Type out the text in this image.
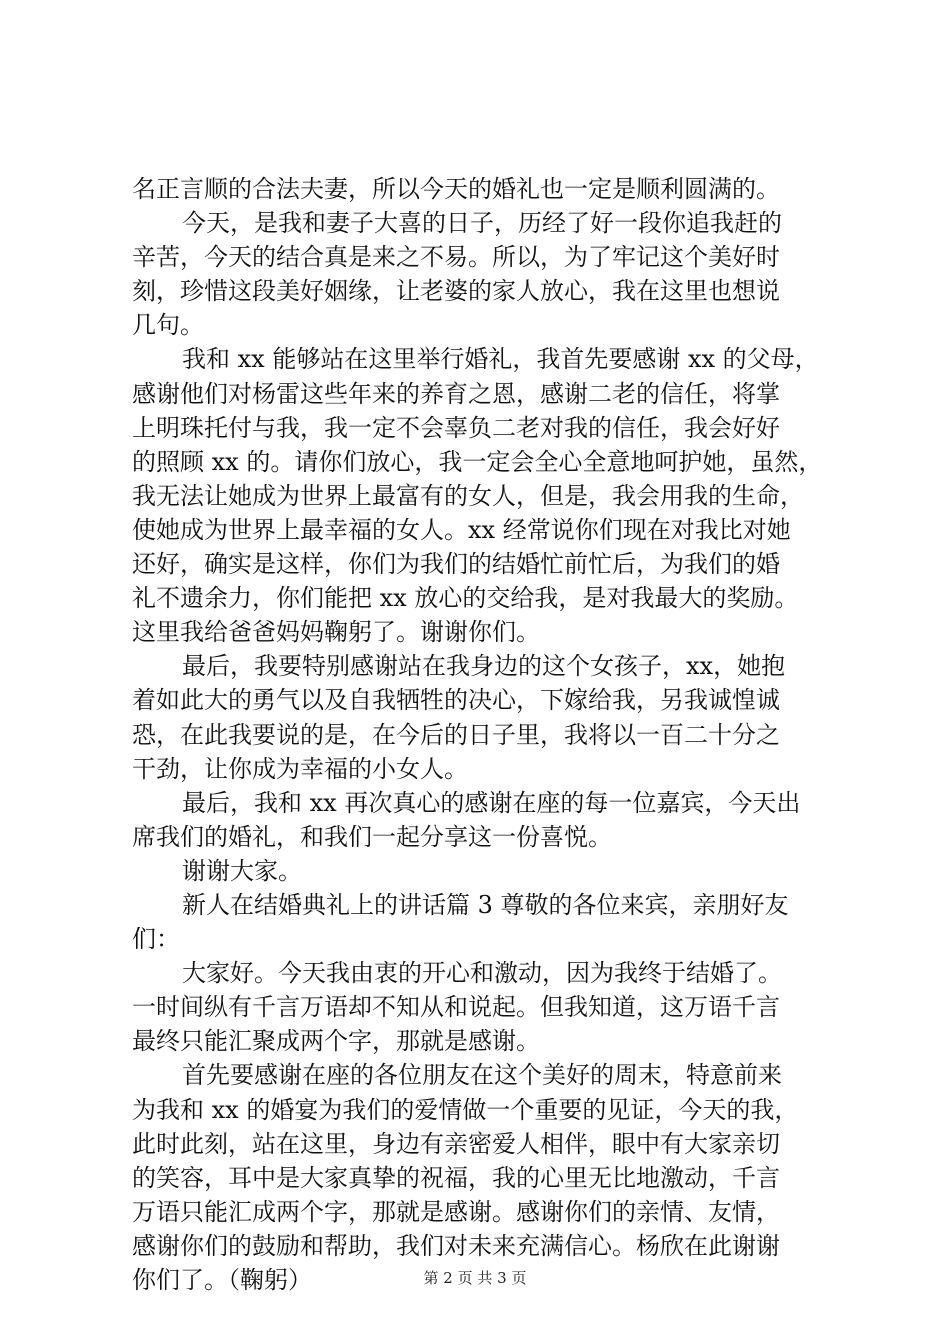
名正言顺的合法夫妻，所以今天的婚礼也一定是顺利圆满的。
今天，是我和妻子大喜的日子，历经了好一段你追我赶的
辛苦，今天的结合真是来之不易。所以，为了牢记这个美好时
刻，珍惜这段美好姻缘，让老婆的家人放心，我在这里也想说
几句。
我和 xx 能够站在这里举行婚礼，我首先要感谢 xx 的父母，
感谢他们对杨雷这些年来的养育之恩，感谢二老的信任，将掌
上明珠托付与我，我一定不会辜负二老对我的信任，我会好好
的照顾 xx 的。请你们放心，我一定会全心全意地呵护她，虽然，
我无法让她成为世界上最富有的女人，但是，我会用我的生命，
使她成为世界上最幸福的女人。xx 经常说你们现在对我比对她
还好，确实是这样，你们为我们的结婚忙前忙后，为我们的婚
礼不遗余力，你们能把 xx 放心的交给我，是对我最大的奖励。
这里我给爸爸妈妈鞠躬了。谢谢你们。
最后，我要特别感谢站在我身边的这个女孩子，xx，她抱
着如此大的勇气以及自我牺牲的决心，下嫁给我，另我诚惶诚
恐，在此我要说的是，在今后的日子里，我将以一百二十分之
干劲，让你成为幸福的小女人。
最后，我和 xx 再次真心的感谢在座的每一位嘉宾，今天出
席我们的婚礼，和我们一起分享这一份喜悦。
谢谢大家。
新人在结婚典礼上的讲话篇 3 尊敬的各位来宾，亲朋好友
们：
大家好。今天我由衷的开心和激动，因为我终于结婚了。
一时间纵有千言万语却不知从和说起。但我知道，这万语千言
最终只能汇聚成两个字，那就是感谢。
首先要感谢在座的各位朋友在这个美好的周末，特意前来
为我和 xx 的婚宴为我们的爱情做一个重要的见证，今天的我，
此时此刻，站在这里，身边有亲密爱人相伴，眼中有大家亲切
的笑容，耳中是大家真挚的祝福，我的心里无比地激动，千言
万语只能汇成两个字，那就是感谢。感谢你们的亲情、友情，
感谢你们的鼓励和帮助，我们对未来充满信心。杨欣在此谢谢
你们了。（鞠躬）	第 2 页 共 3 页
